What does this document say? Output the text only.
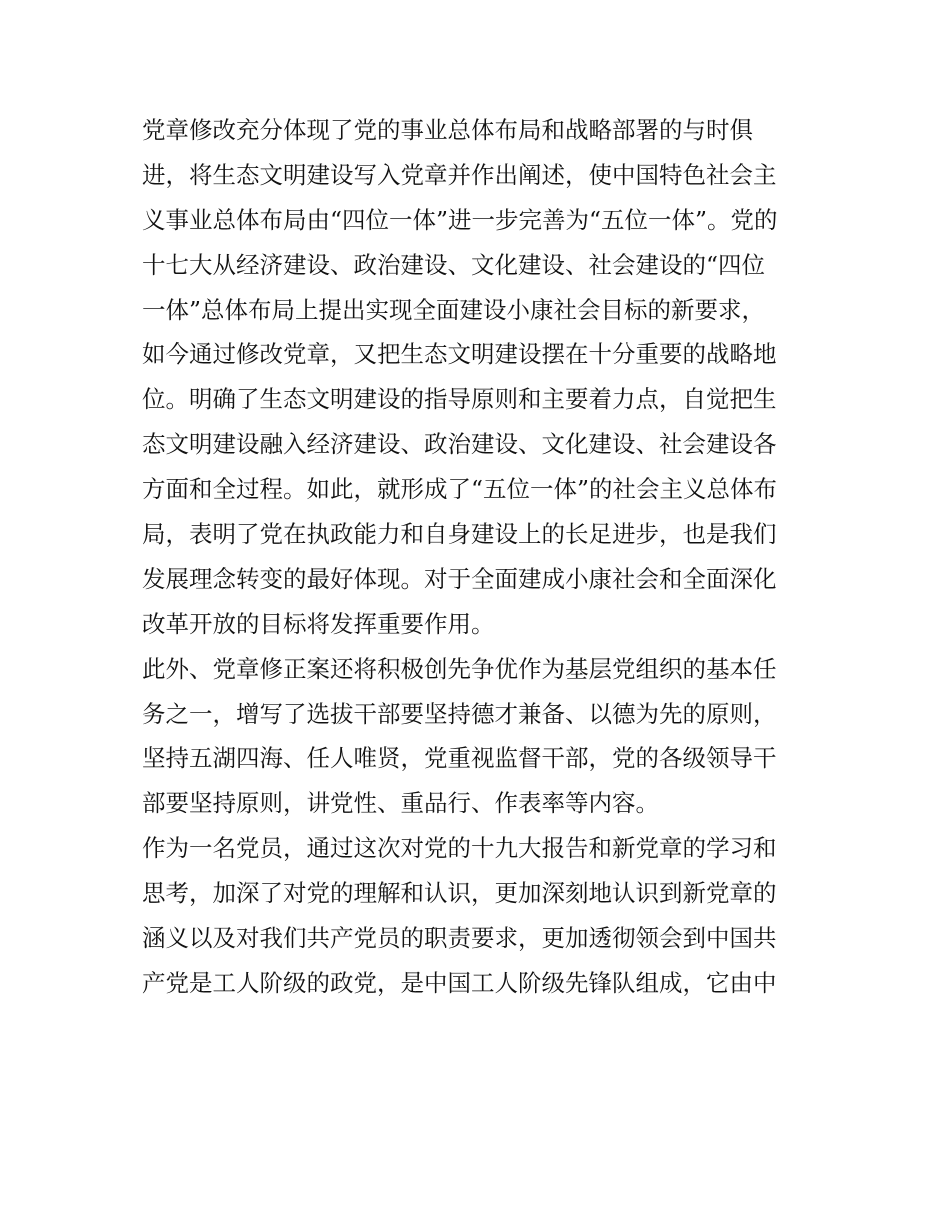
党章修改充分体现了党的事业总体布局和战略部署的与时俱
进，将生态文明建设写入党章并作出阐述，使中国特色社会主
义事业总体布局由“四位一体”进一步完善为“五位一体”。党的
十七大从经济建设、政治建设、文化建设、社会建设的“四位
一体”总体布局上提出实现全面建设小康社会目标的新要求，
如今通过修改党章，又把生态文明建设摆在十分重要的战略地
位。明确了生态文明建设的指导原则和主要着力点，自觉把生
态文明建设融入经济建设、政治建设、文化建设、社会建设各
方面和全过程。如此，就形成了“五位一体”的社会主义总体布
局，表明了党在执政能力和自身建设上的长足进步，也是我们
发展理念转变的最好体现。对于全面建成小康社会和全面深化
改革开放的目标将发挥重要作用。
此外、党章修正案还将积极创先争优作为基层党组织的基本任
务之一，增写了选拔干部要坚持德才兼备、以德为先的原则，
坚持五湖四海、任人唯贤，党重视监督干部，党的各级领导干
部要坚持原则，讲党性、重品行、作表率等内容。
作为一名党员，通过这次对党的十九大报告和新党章的学习和
思考，加深了对党的理解和认识，更加深刻地认识到新党章的
涵义以及对我们共产党员的职责要求，更加透彻领会到中国共
产党是工人阶级的政党，是中国工人阶级先锋队组成，它由中
